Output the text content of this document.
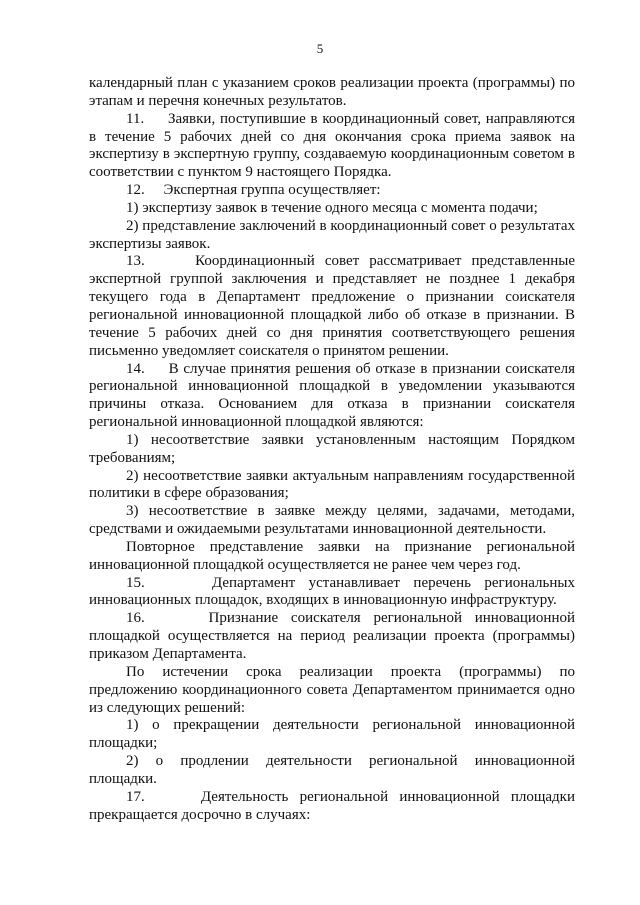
5

календарный план с указанием сроков реализации проекта (программы) по этапам и перечня конечных результатов.

11.     Заявки, поступившие в координационный совет, направляются в течение 5 рабочих дней со дня окончания срока приема заявок на экспертизу в экспертную группу, создаваемую координационным советом в соответствии с пунктом 9 настоящего Порядка.

12.     Экспертная группа осуществляет:

1) экспертизу заявок в течение одного месяца с момента подачи;

2) представление заключений в координационный совет о результатах экспертизы заявок.

13.     Координационный совет рассматривает представленные экспертной группой заключения и представляет не позднее 1 декабря текущего года в Департамент предложение о признании соискателя региональной инновационной площадкой либо об отказе в признании. В течение 5 рабочих дней со дня принятия соответствующего решения письменно уведомляет соискателя о принятом решении.

14.     В случае принятия решения об отказе в признании соискателя региональной инновационной площадкой в уведомлении указываются причины отказа. Основанием для отказа в признании соискателя региональной инновационной площадкой являются:

1) несоответствие заявки установленным настоящим Порядком требованиям;

2) несоответствие заявки актуальным направлениям государственной политики в сфере образования;

3) несоответствие в заявке между целями, задачами, методами, средствами и ожидаемыми результатами инновационной деятельности.

Повторное представление заявки на признание региональной инновационной площадкой осуществляется не ранее чем через год.

15.     Департамент устанавливает перечень региональных инновационных площадок, входящих в инновационную инфраструктуру.

16.     Признание соискателя региональной инновационной площадкой осуществляется на период реализации проекта (программы) приказом Департамента.

По истечении срока реализации проекта (программы) по предложению координационного совета Департаментом принимается одно из следующих решений:

1) о прекращении деятельности региональной инновационной площадки;

2) о продлении деятельности региональной инновационной площадки.

17.     Деятельность региональной инновационной площадки прекращается досрочно в случаях:
